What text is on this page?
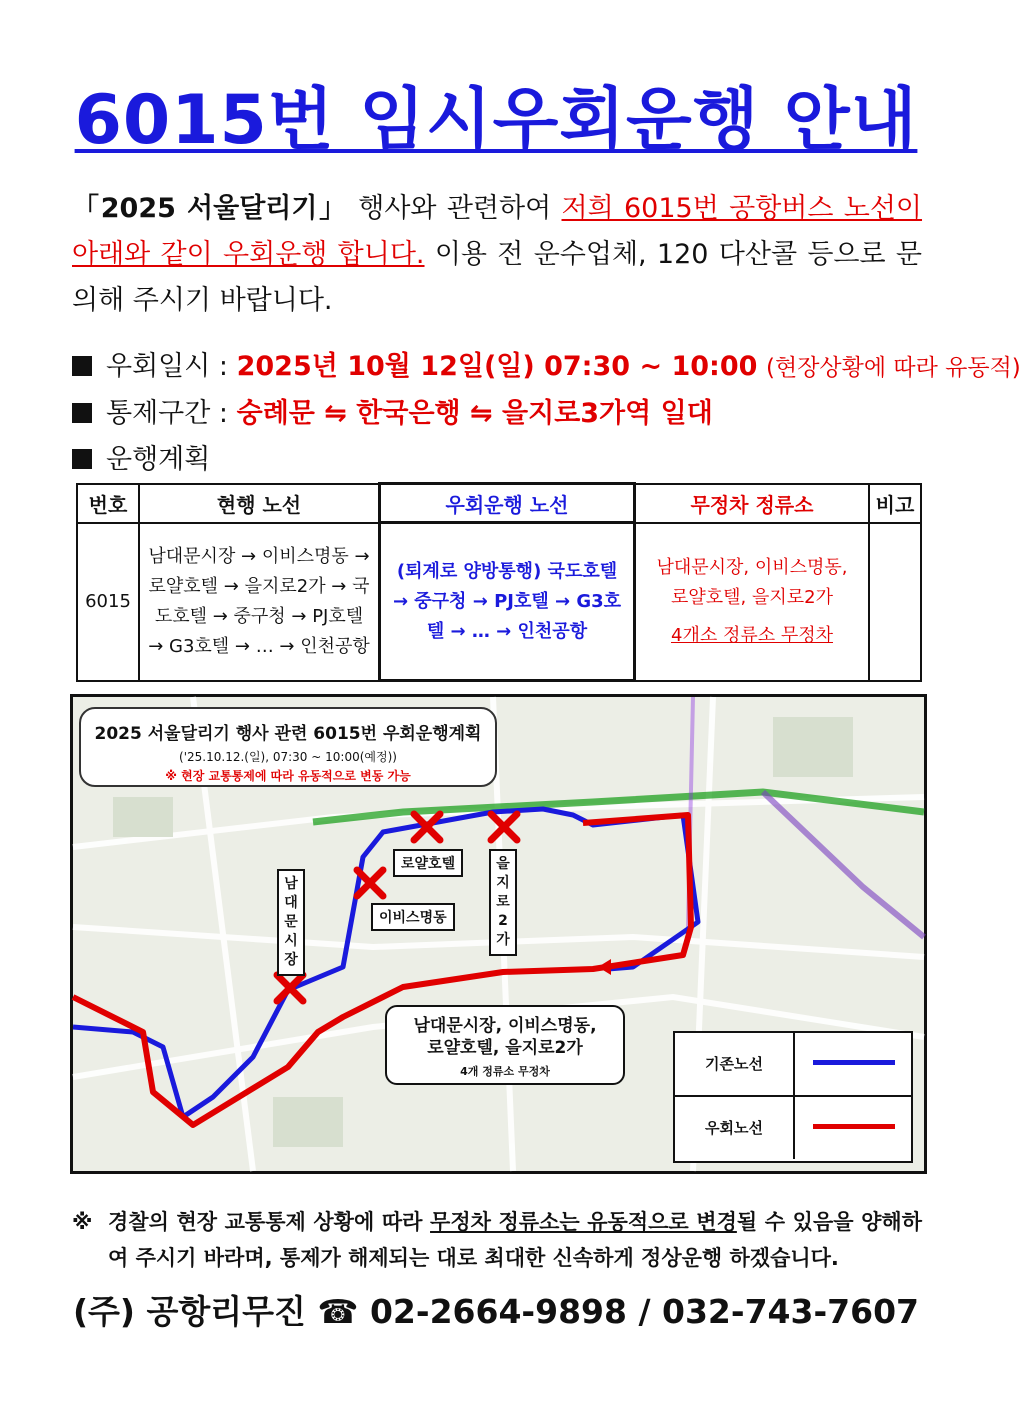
6015번 임시우회운행 안내
「2025 서울달리기」 행사와 관련하여 저희 6015번 공항버스 노선이 아래와 같이 우회운행 합니다. 이용 전 운수업체, 120 다산콜 등으로 문의해 주시기 바랍니다.
우회일시 : 2025년 10월 12일(일) 07:30 ~ 10:00 (현장상황에 따라 유동적)
통제구간 : 숭례문 ⇋ 한국은행 ⇋ 을지로3가역 일대
운행계획
번호	현행 노선	우회운행 노선	무정차 정류소	비고
6015	남대문시장 → 이비스명동 → 로얄호텔 → 을지로2가 → 국도호텔 → 중구청 → PJ호텔 → G3호텔 → … → 인천공항	(퇴계로 양방통행) 국도호텔 → 중구청 → PJ호텔 → G3호텔 → … → 인천공항	남대문시장, 이비스명동, 로얄호텔, 을지로2가
4개소 정류소 무정차	

2025 서울달리기 행사 관련 6015번 우회운행계획
('25.10.12.(일), 07:30 ~ 10:00(예정))
※ 현장 교통통제에 따라 유동적으로 변동 가능
로얄호텔
이비스명동
남대문시장
을지로2가
남대문시장, 이비스명동,
로얄호텔, 을지로2가
4개 정류소 무정차	기존노선
우회노선
※ 경찰의 현장 교통통제 상황에 따라 무정차 정류소는 유동적으로 변경될 수 있음을 양해하여 주시기 바라며, 통제가 해제되는 대로 최대한 신속하게 정상운행 하겠습니다.
(주) 공항리무진 ☎ 02-2664-9898 / 032-743-7607
